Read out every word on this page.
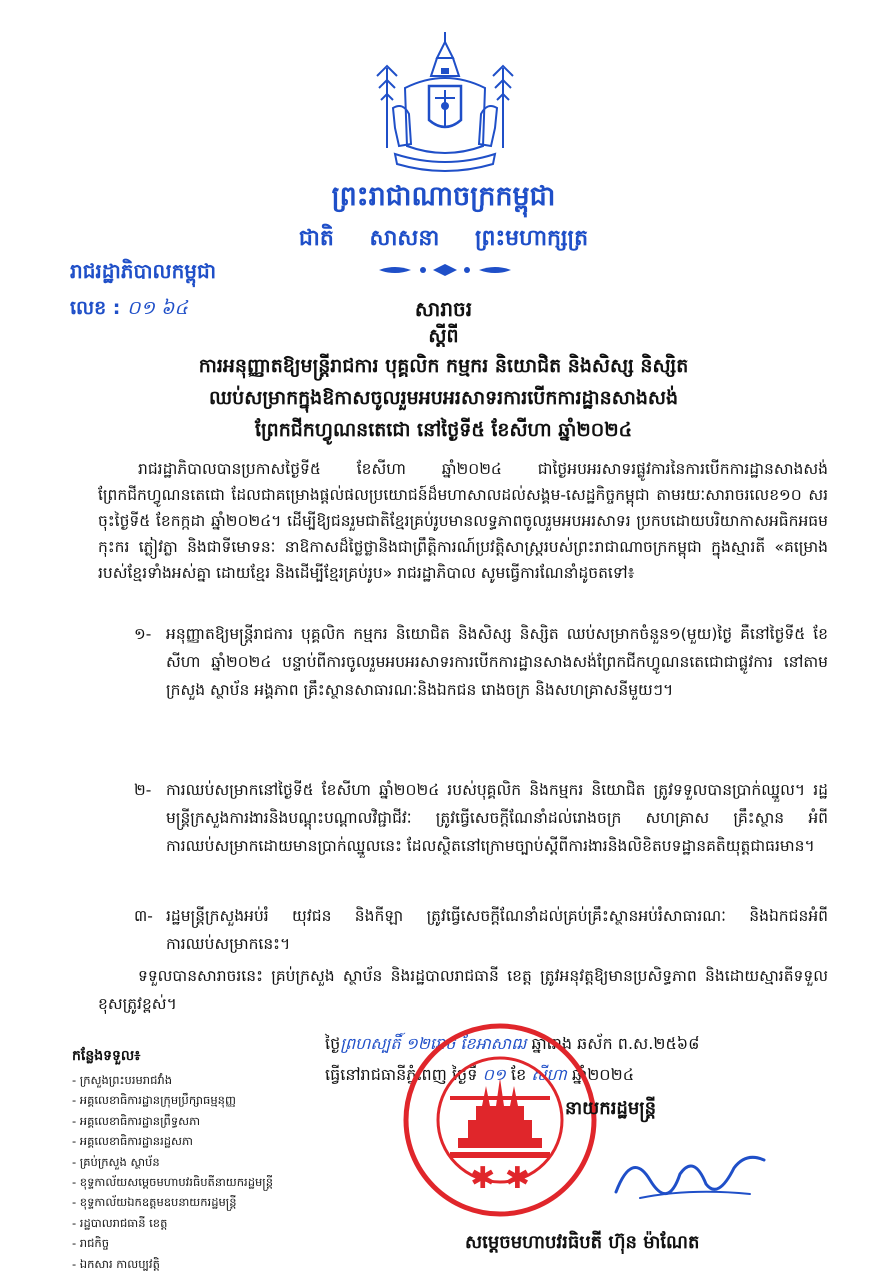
ព្រះរាជាណាចក្រកម្ពុជា
ជាតិ សាសនា ព្រះមហាក្សត្រ
រាជរដ្ឋាភិបាលកម្ពុជា
លេខ : ០១ ៦៤	សារាចរ
ស្ដីពី
ការអនុញ្ញាតឱ្យមន្ត្រីរាជការ បុគ្គលិក កម្មករ និយោជិត និងសិស្ស និស្សិត
ឈប់សម្រាកក្នុងឱកាសចូលរួមអបអរសាទរការបើកការដ្ឋានសាងសង់
ព្រែកជីកហ្វូណនតេជោ នៅថ្ងៃទី៥ ខែសីហា ឆ្នាំ២០២៤
រាជរដ្ឋាភិបាលបានប្រកាសថ្ងៃទី៥ ខែសីហា ឆ្នាំ២០២៤ ជាថ្ងៃអបអរសាទរផ្លូវការនៃការបើកការដ្ឋានសាងសង់ព្រែកជីកហ្វូណនតេជោ ដែលជាគម្រោងផ្ដល់ផលប្រយោជន៍ដ៏មហាសាលដល់សង្គម-សេដ្ឋកិច្ចកម្ពុជា តាមរយៈសារាចរលេខ១០ សរ ចុះថ្ងៃទី៥ ខែកក្កដា ឆ្នាំ២០២៤។ ដើម្បីឱ្យជនរួមជាតិខ្មែរគ្រប់រូបមានលទ្ធភាពចូលរួមអបអរសាទរ ប្រកបដោយបរិយាកាសអធិកអធម កុះករ ភ្លៀវភ្លា និងជាទីមោទនៈ នាឱកាសដ៏ថ្លៃថ្លានិងជាព្រឹត្តិការណ៍ប្រវត្តិសាស្ត្ររបស់ព្រះរាជាណាចក្រកម្ពុជា ក្នុងស្មារតី «គម្រោងរបស់ខ្មែរទាំងអស់គ្នា ដោយខ្មែរ និងដើម្បីខ្មែរគ្រប់រូប» រាជរដ្ឋាភិបាល សូមធ្វើការណែនាំដូចតទៅ៖
១- អនុញ្ញាតឱ្យមន្ត្រីរាជការ បុគ្គលិក កម្មករ និយោជិត និងសិស្ស និស្សិត ឈប់សម្រាកចំនួន១(មួយ)ថ្ងៃ គឺនៅថ្ងៃទី៥ ខែសីហា ឆ្នាំ២០២៤ បន្ទាប់ពីការចូលរួមអបអរសាទរការបើកការដ្ឋានសាងសង់ព្រែកជីកហ្វូណនតេជោជាផ្លូវការ នៅតាមក្រសួង ស្ថាប័ន អង្គភាព គ្រឹះស្ថានសាធារណៈនិងឯកជន រោងចក្រ និងសហគ្រាសនីមួយៗ។
២- ការឈប់សម្រាកនៅថ្ងៃទី៥ ខែសីហា ឆ្នាំ២០២៤ របស់បុគ្គលិក និងកម្មករ និយោជិត ត្រូវទទួលបានប្រាក់ឈ្នួល។ រដ្ឋមន្ត្រីក្រសួងការងារនិងបណ្តុះបណ្តាលវិជ្ជាជីវៈ ត្រូវធ្វើសេចក្ដីណែនាំដល់រោងចក្រ សហគ្រាស គ្រឹះស្ថាន អំពីការឈប់សម្រាកដោយមានប្រាក់ឈ្នួលនេះ ដែលស្ថិតនៅក្រោមច្បាប់ស្ដីពីការងារនិងលិខិតបទដ្ឋានគតិយុត្តជាធរមាន។
៣- រដ្ឋមន្ត្រីក្រសួងអប់រំ យុវជន និងកីឡា ត្រូវធ្វើសេចក្ដីណែនាំដល់គ្រប់គ្រឹះស្ថានអប់រំសាធារណៈ និងឯកជនអំពីការឈប់សម្រាកនេះ។
ទទួលបានសារាចរនេះ គ្រប់ក្រសួង ស្ថាប័ន និងរដ្ឋបាលរាជធានី ខេត្ត ត្រូវអនុវត្តឱ្យមានប្រសិទ្ធភាព និងដោយស្មារតីទទួលខុសត្រូវខ្ពស់។
ថ្ងៃព្រហស្បតិ៍ ១២រោច ខែអាសាឍ ឆ្នាំរោង ឆស័ក ព.ស.២៥៦៨
ធ្វើនៅរាជធានីភ្នំពេញ ថ្ងៃទី ០១ ខែ សីហា ឆ្នាំ២០២៤
កន្លែងទទួល៖
- ក្រសួងព្រះបរមរាជវាំង
- អគ្គលេខាធិការដ្ឋានក្រុមប្រឹក្សាធម្មនុញ្ញ
- អគ្គលេខាធិការដ្ឋានព្រឹទ្ធសភា
- អគ្គលេខាធិការដ្ឋានរដ្ឋសភា
- គ្រប់ក្រសួង ស្ថាប័ន
- ខុទ្ទកាល័យសម្ដេចមហាបវរធិបតីនាយករដ្ឋមន្ត្រី
- ខុទ្ទកាល័យឯកឧត្តមឧបនាយករដ្ឋមន្ត្រី
- រដ្ឋបាលរាជធានី ខេត្ត
- រាជកិច្ច
- ឯកសារ កាលប្បវត្តិ
✱ ✱
នាយករដ្ឋមន្ត្រី
សម្ដេចមហាបវរធិបតី ហ៊ុន ម៉ាណែត
